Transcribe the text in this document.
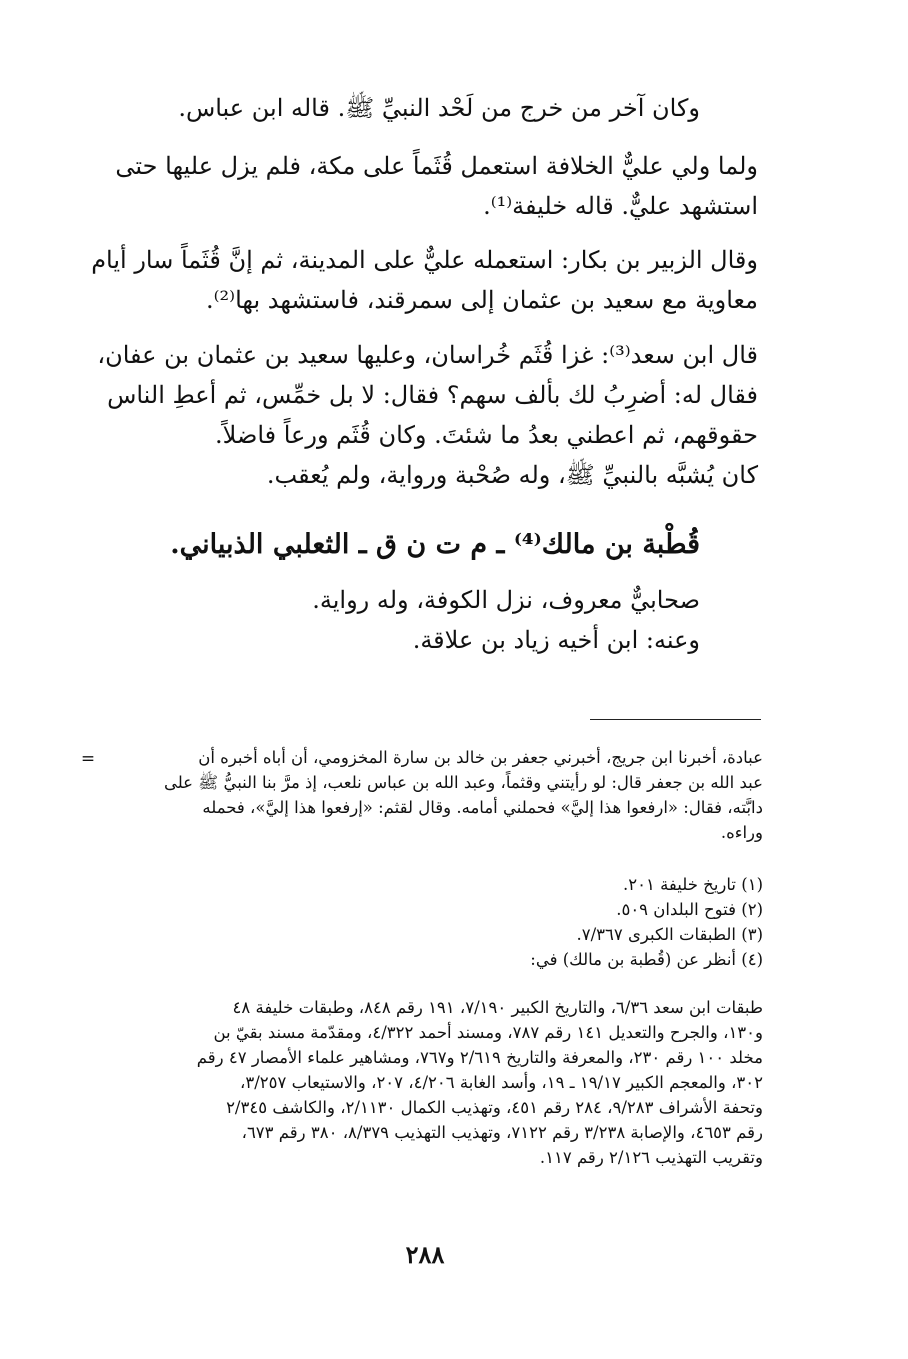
وكان آخر من خرج من لَحْد النبيِّ ﷺ. قاله ابن عباس.
ولما ولي عليٌّ الخلافة استعمل قُثَماً على مكة، فلم يزل عليها حتى
استشهد عليٌّ. قاله خليفة⁽¹⁾.
وقال الزبير بن بكار: استعمله عليٌّ على المدينة، ثم إنَّ قُثَماً سار أيام
معاوية مع سعيد بن عثمان إلى سمرقند، فاستشهد بها⁽²⁾.
قال ابن سعد⁽³⁾: غزا قُثَم خُراسان، وعليها سعيد بن عثمان بن عفان،
فقال له: أضرِبُ لك بألف سهم؟ فقال: لا بل خمِّس، ثم أعطِ الناس
حقوقهم، ثم اعطني بعدُ ما شئتَ. وكان قُثَم ورعاً فاضلاً.
كان يُشبَّه بالنبيِّ ﷺ، وله صُحْبة ورواية، ولم يُعقب.
قُطْبة بن مالك⁽⁴⁾ ـ م ت ن ق ـ الثعلبي الذبياني.
صحابيٌّ معروف، نزل الكوفة، وله رواية.
وعنه: ابن أخيه زياد بن علاقة.
=	عبادة، أخبرنا ابن جريج، أخبرني جعفر بن خالد بن سارة المخزومي، أن أباه أخبره أن
عبد الله بن جعفر قال: لو رأيتني وقثماً، وعبد الله بن عباس نلعب، إذ مرَّ بنا النبيُّ ﷺ على
دابَّته، فقال: «ارفعوا هذا إليَّ» فحملني أمامه. وقال لقثم: «إرفعوا هذا إليَّ»، فحمله
وراءه.
(١) تاريخ خليفة ٢٠١.
(٢) فتوح البلدان ٥٠٩.
(٣) الطبقات الكبرى ٧/٣٦٧.
(٤) أنظر عن (قُطبة بن مالك) في:
طبقات ابن سعد ٦/٣٦، والتاريخ الكبير ٧/١٩٠، ١٩١ رقم ٨٤٨، وطبقات خليفة ٤٨
و١٣٠، والجرح والتعديل ١٤١ رقم ٧٨٧، ومسند أحمد ٤/٣٢٢، ومقدّمة مسند بقيّ بن
مخلد ١٠٠ رقم ٢٣٠، والمعرفة والتاريخ ٢/٦١٩ و٧٦٧، ومشاهير علماء الأمصار ٤٧ رقم
٣٠٢، والمعجم الكبير ١٩/١٧ ـ ١٩، وأسد الغابة ٤/٢٠٦، ٢٠٧، والاستيعاب ٣/٢٥٧،
وتحفة الأشراف ٩/٢٨٣، ٢٨٤ رقم ٤٥١، وتهذيب الكمال ٢/١١٣٠، والكاشف ٢/٣٤٥
رقم ٤٦٥٣، والإصابة ٣/٢٣٨ رقم ٧١٢٢، وتهذيب التهذيب ٨/٣٧٩، ٣٨٠ رقم ٦٧٣،
وتقريب التهذيب ٢/١٢٦ رقم ١١٧.
٢٨٨
